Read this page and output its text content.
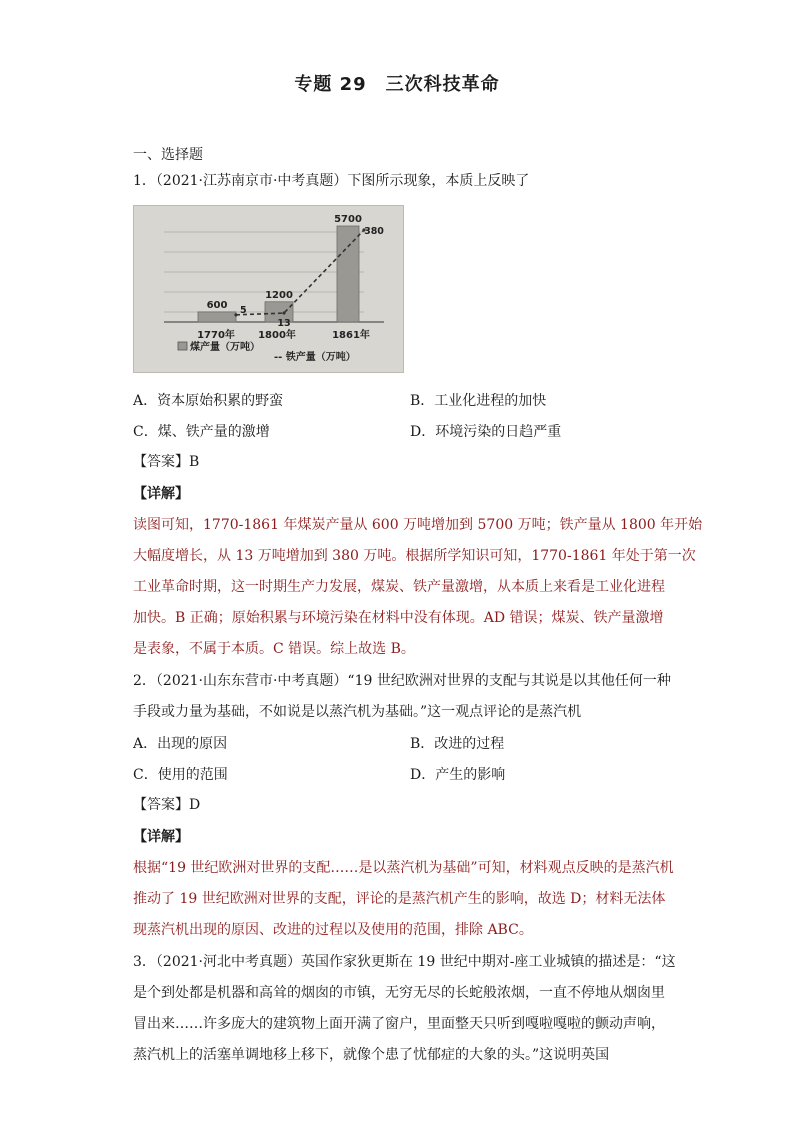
专题 29　三次科技革命
一、选择题
1．（2021·江苏南京市·中考真题）下图所示现象，本质上反映了
600
1200
5700
1770年 1800年	1861年
5
13
380
煤产量（万吨）
-- 铁产量（万吨）
A．资本原始积累的野蛮	B．工业化进程的加快
C．煤、铁产量的激增	D．环境污染的日趋严重
【答案】B
【详解】
读图可知，1770-1861 年煤炭产量从 600 万吨增加到 5700 万吨；铁产量从 1800 年开始
大幅度增长，从 13 万吨增加到 380 万吨。根据所学知识可知，1770-1861 年处于第一次
工业革命时期，这一时期生产力发展，煤炭、铁产量激增，从本质上来看是工业化进程
加快。B 正确；原始积累与环境污染在材料中没有体现。AD 错误；煤炭、铁产量激增
是表象，不属于本质。C 错误。综上故选 B。
2．（2021·山东东营市·中考真题）“19 世纪欧洲对世界的支配与其说是以其他任何一种
手段或力量为基础，不如说是以蒸汽机为基础。”这一观点评论的是蒸汽机
A．出现的原因	B．改进的过程
C．使用的范围	D．产生的影响
【答案】D
【详解】
根据“19 世纪欧洲对世界的支配……是以蒸汽机为基础”可知，材料观点反映的是蒸汽机
推动了 19 世纪欧洲对世界的支配，评论的是蒸汽机产生的影响，故选 D；材料无法体
现蒸汽机出现的原因、改进的过程以及使用的范围，排除 ABC。
3．（2021·河北中考真题）英国作家狄更斯在 19 世纪中期对-座工业城镇的描述是：“这
是个到处都是机器和高耸的烟囱的市镇，无穷无尽的长蛇般浓烟，一直不停地从烟囱里
冒出来……许多庞大的建筑物上面开满了窗户，里面整天只听到嘎啦嘎啦的颤动声响，
蒸汽机上的活塞单调地移上移下，就像个患了忧郁症的大象的头。”这说明英国
